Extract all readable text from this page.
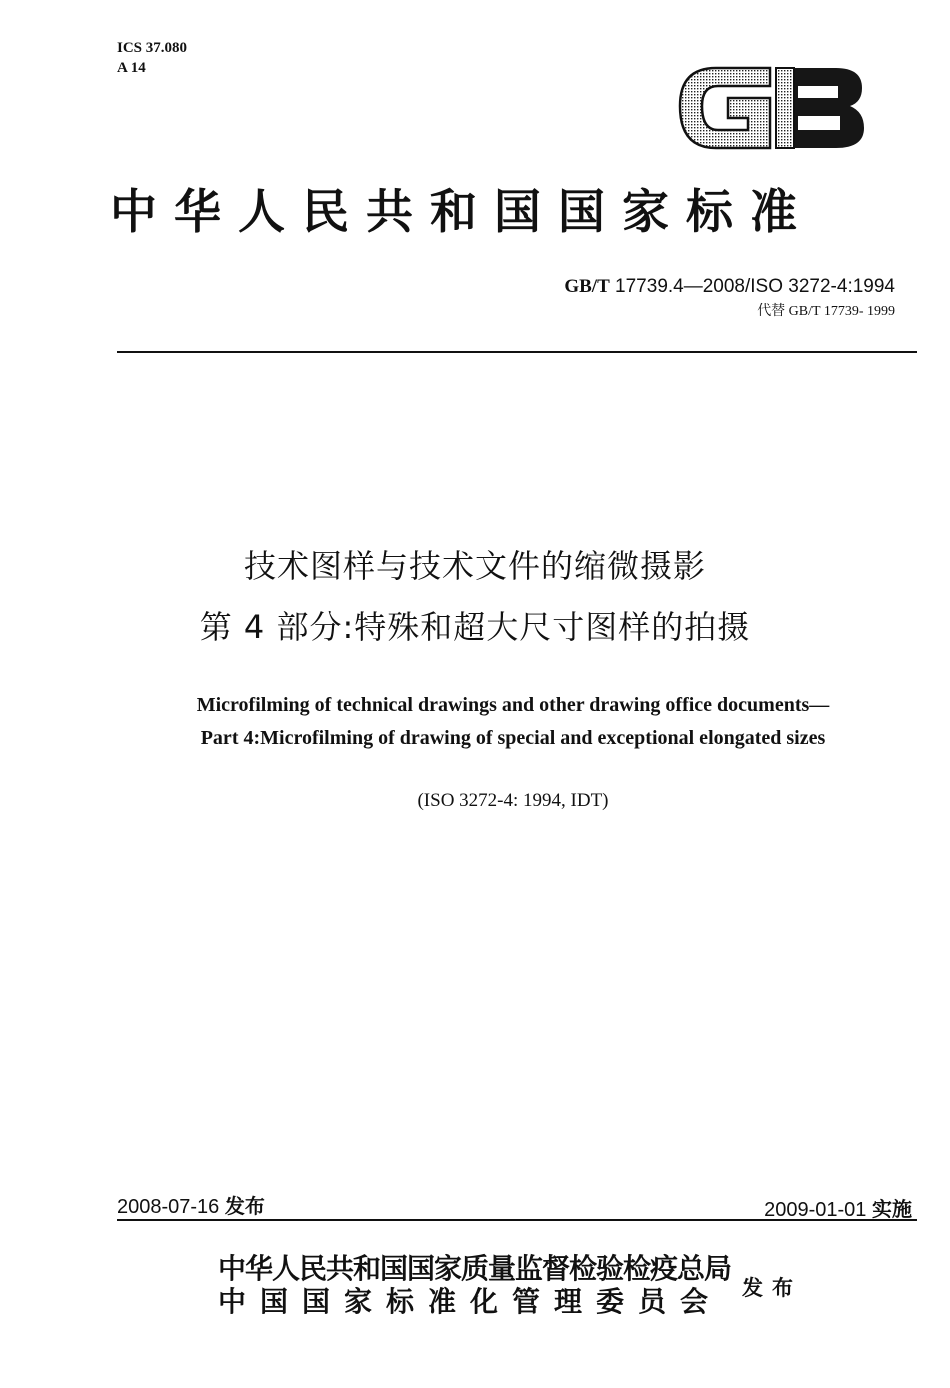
ICS 37.080
A 14
中华人民共和国国家标准
GB/T 17739.4—2008/ISO 3272-4:1994
代替 GB/T 17739- 1999
技术图样与技术文件的缩微摄影
第 4 部分:特殊和超大尺寸图样的拍摄
Microfilming of technical drawings and other drawing office documents—
Part 4:Microfilming of drawing of special and exceptional elongated sizes
(ISO 3272-4: 1994, IDT)
2008-07-16 发布	2009-01-01 实施
中华人民共和国国家质量监督检验检疫总局
中国国家标准化管理委员会 发布
